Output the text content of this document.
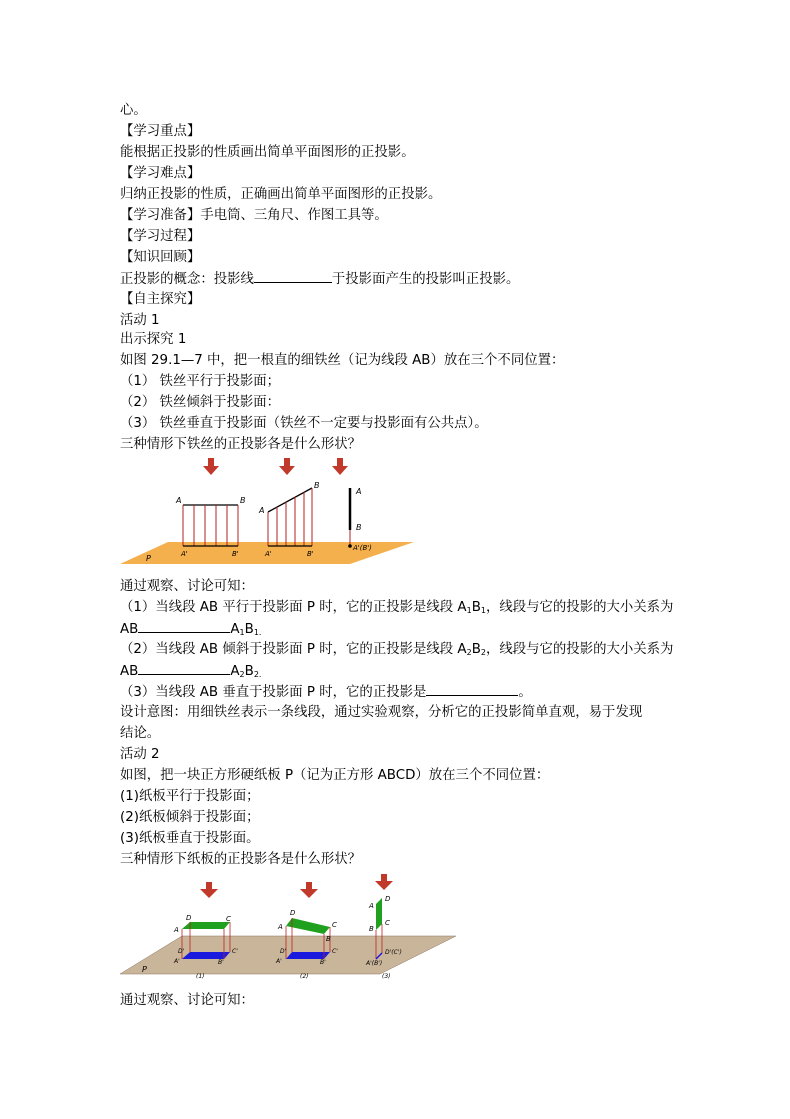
心。
【学习重点】
能根据正投影的性质画出简单平面图形的正投影。
【学习难点】
归纳正投影的性质，正确画出简单平面图形的正投影。
【学习准备】手电筒、三角尺、作图工具等。
【学习过程】
【知识回顾】
正投影的概念：投影线	于投影面产生的投影叫正投影。
【自主探究】
活动 1
出示探究 1
如图 29.1—7 中，把一根直的细铁丝（记为线段 AB）放在三个不同位置：
（1） 铁丝平行于投影面；
（2） 铁丝倾斜于投影面：
（3） 铁丝垂直于投影面（铁丝不一定要与投影面有公共点）。
三种情形下铁丝的正投影各是什么形状？
P
A	B
A'	B'
A
B
A'	B'
A
B
A'(B')
通过观察、讨论可知：
（1）当线段 AB 平行于投影面 P 时，它的正投影是线段 $A_1B_1$，线段与它的投影的大小关系为
AB	$A_1B_{1.}$
（2）当线段 AB 倾斜于投影面 P 时，它的正投影是线段 $A_2B_2$，线段与它的投影的大小关系为
AB	$A_2B_{2.}$
（3）当线段 AB 垂直于投影面 P 时，它的正投影是	。
设计意图：用细铁丝表示一条线段，通过实验观察，分析它的正投影简单直观，易于发现
结论。
活动 2
如图，把一块正方形硬纸板 P（记为正方形 ABCD）放在三个不同位置：
(1)纸板平行于投影面；
(2)纸板倾斜于投影面；
(3)纸板垂直于投影面。
三种情形下纸板的正投影各是什么形状？
P
A
D	C
D'	C'
A'	B'
(1)
A
D
C
B
D'	C'
A'	B'
(2)
A
D
B
C
D'(C')
A'(B')
(3)
通过观察、讨论可知：
